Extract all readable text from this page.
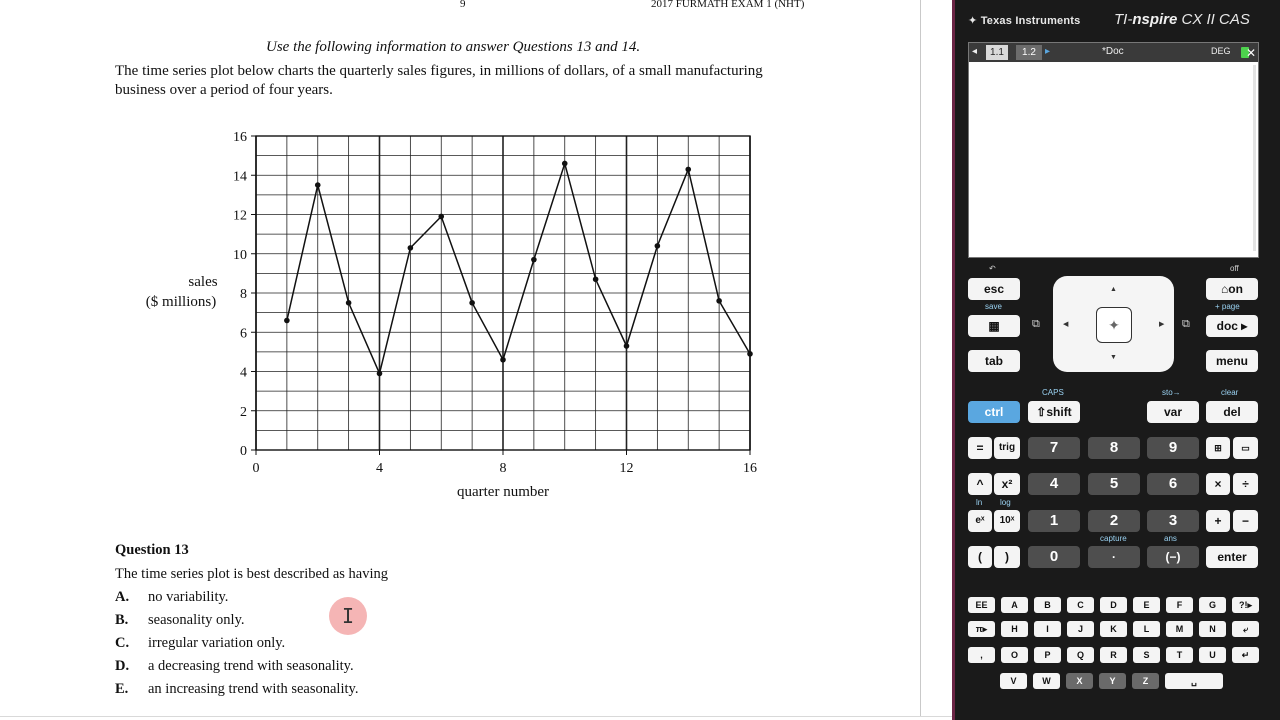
9	2017 FURMATH EXAM 1 (NHT)
Use the following information to answer Questions 13 and 14.
The time series plot below charts the quarterly sales figures, in millions of dollars, of a small manufacturing
business over a period of four years.
0
2
4
6
8
10
12
14
16
0	4	8	12	16
quarter number
sales
($ millions)
Question 13
The time series plot is best described as having
A. no variability.
B. seasonality only.
C. irregular variation only.
D. a decreasing trend with seasonality.
E. an increasing trend with seasonality.
I
✦ Texas Instruments TI-nspire CX II CAS
◂	1.1	1.2 ▸	*Doc	DEG ✕
↶
esc
save
▦
tab
off
⌂on
+ page
doc ▸
menu
⧉	⧉
▲
▼
◀	▶
✦
CAPS	sto→	clear
ctrl	⇧shift	var	del
=	trig	7	8	9	⊞	▭
^	x²	4	5	6	×	÷
ln log
eˣ	10ˣ	1	2	3	+	−
capture	ans
(	)	0	·	(−)	enter
EE	A	B	C	D	E	F	G	?!▸
π▸	H	I	J	K	L	M	N	⤶
,	O	P	Q	R	S	T	U	↵
V	W	X	Y	Z	␣
